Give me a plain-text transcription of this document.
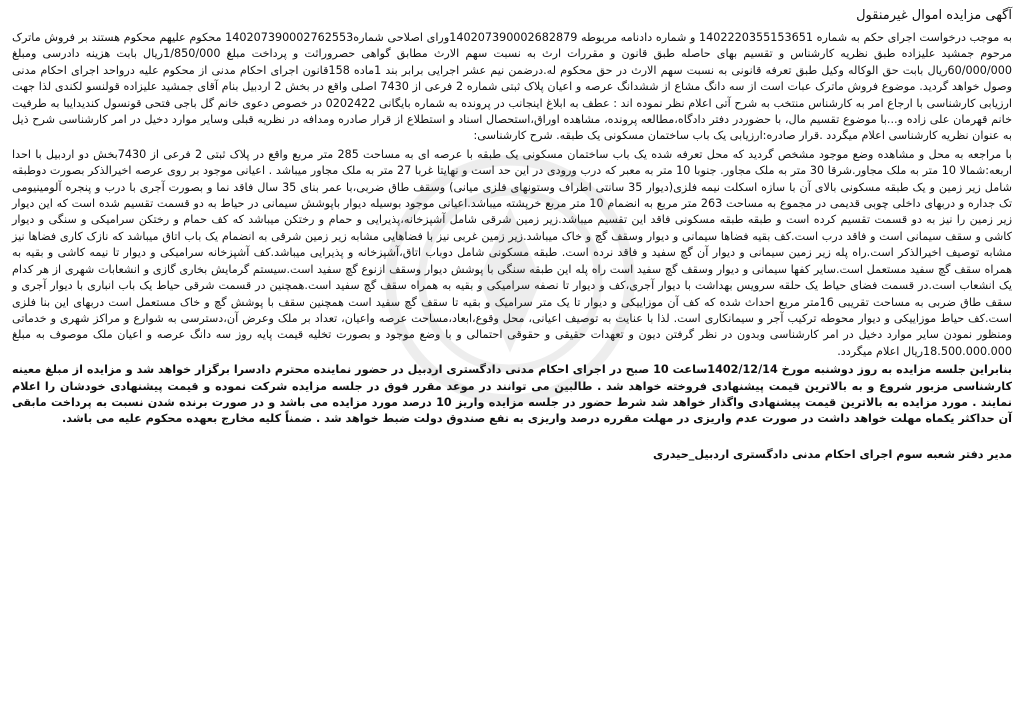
آگهی مزایده اموال غیرمنقول

به موجب درخواست اجرای حکم به شماره 140222035515365‌1 و شماره دادنامه مربوطه 140207390002682879ورای اصلاحی شماره140207390002762553 محکوم علیهم محکوم هستند بر فروش ماترک مرحوم جمشید علیزاده طبق نظریه کارشناس و تقسیم بهای حاصله طبق قانون و مقررات ارث به نسبت سهم الارث مطابق گواهی حصروراثت و پرداخت مبلغ 1/850/000ریال بابت هزینه دادرسی ومبلغ 60/000/000ریال بابت حق الوکاله وکیل طبق تعرفه قانونی به نسبت سهم الارث در حق محکوم له.درضمن نیم عشر اجرایی برابر بند 1ماده 158قانون اجرای احکام مدنی از محکوم علیه درواحد اجرای احکام مدنی وصول خواهد گردید. موضوع فروش ماترک عبات است از سه دانگ مشاع از ششدانگ عرصه و اعیان پلاک ثبتی شماره 2 فرعی از 7430 اصلی واقع در بخش 2 اردبیل بنام آقای جمشید علیزاده قولنسو لکندی لذا جهت ارزیابی کارشناسی با ارجاع امر به کارشناس منتخب به شرح آتی اعلام نظر نموده اند : عطف به ابلاغ اینجانب در پرونده به شماره بایگانی 0202422 در خصوص دعوی خانم گل باجی فتحی قونسول کندیدایبا به طرفیت خانم قهرمان علی زاده و...با موضوع تقسیم مال، با حضوردر دفتر دادگاه،مطالعه پرونده، مشاهده اوراق،استحصال اسناد و استطلاع از قرار صادره ومدافه در نظریه قبلی وسایر موارد دخیل در امر کارشناسی شرح ذیل به عنوان نظریه کارشناسی اعلام میگردد .قرار صادره:ارزیابی یک باب ساختمان مسکونی یک طبقه. شرح کارشناسی:

با مراجعه به محل و مشاهده وضع موجود مشخص گردید که محل تعرفه شده یک باب ساختمان مسکونی یک طبقه با عرصه ای به مساحت 285 متر مربع واقع در پلاک ثبتی 2 فرعی از 7430بخش دو اردبیل با احدا اربعه:شمالا 10 متر به ملک مجاور.شرقا 30 متر به ملک مجاور. جنوبا 10 متر به معبر که درب ورودی در این حد است و نهایتا غربا 27 متر به ملک مجاور میباشد . اعیانی موجود بر روی عرصه اخیرالذکر بصورت دوطبقه شامل زیر زمین و یک طبقه مسکونی بالای آن با سازه اسکلت نیمه فلزی(دیوار 35 سانتی اطراف وستونهای فلزی میانی) وسقف طاق ضربی،با عمر بنای 35 سال فاقد نما و بصورت آجری با درب و پنجره آلومینیومی تک جداره و دربهای داخلی چوبی قدیمی در مجموع به مساحت 263 متر مربع به انضمام 10 متر مربع خرپشته میباشد.اعیانی موجود بوسیله دیوار باپوشش سیمانی در حیاط به دو قسمت تقسیم شده است که این دیوار زیر زمین را نیز به دو قسمت تقسیم کرده است و طبقه طبقه مسکونی فاقد این تقسیم میباشد.زیر زمین شرقی شامل آشپزخانه،پذیرایی و حمام و رختکن میباشد که کف حمام و رختکن سرامیکی و سنگی و دیوار کاشی و سقف سیمانی است و فاقد درب است.کف بقیه فضاها سیمانی و دیوار وسقف گچ و خاک میباشد.زیر زمین غربی نیز با فضاهایی مشابه زیر زمین شرقی به انضمام یک باب اتاق میباشد که نازک کاری فضاها نیز مشابه توصیف اخیرالذکر است.راه پله زیر زمین سیمانی و دیوار آن گچ سفید و فاقد نرده است. طبقه مسکونی شامل دوباب اتاق،آشپزخانه و پذیرایی میباشد.کف آشپزخانه سرامیکی و دیوار تا نیمه کاشی و بقیه به همراه سقف گچ سفید مستعمل است.سایر کفها سیمانی و دیوار وسقف گچ سفید است راه پله این طبقه سنگی با پوشش دیوار وسقف ازنوع گچ سفید است.سیستم گرمایش بخاری گازی و انشعابات شهری از هر کدام یک انشعاب است.در قسمت فضای حیاط یک حلقه سرویس بهداشت با دیوار آجری،کف و دیوار تا نصفه سرامیکی و بقیه به همراه سقف گچ سفید است.همچنین در قسمت شرقی حیاط یک باب انباری با دیوار آجری و سقف طاق ضربی به مساحت تقریبی 16متر مربع احداث شده که کف آن موزاییکی و دیوار تا یک متر سرامیک و بقیه تا سقف گچ سفید است همچنین سقف با پوشش گچ و خاک مستعمل است دربهای این بنا فلزی است.کف حیاط موزاییکی و دیوار محوطه ترکیب آجر و سیمانکاری است. لذا با عنایت به توصیف اعیانی، محل وقوع،ابعاد،مساحت عرصه واعیان، تعداد بر ملک وعرض آن،دسترسی به شوارع و مراکز شهری و خدماتی ومنظور نمودن سایر موارد دخیل در امر کارشناسی وبدون در نظر گرفتن دیون و تعهدات حقیقی و حقوقی احتمالی و با وضع موجود و بصورت تخلیه قیمت پایه روز سه دانگ عرصه و اعیان ملک موصوف به مبلغ 18.500.000.000ریال اعلام میگردد.

بنابراین جلسه مزایده به روز دوشنبه مورخ 1402/12/14ساعت 10 صبح در اجرای احکام مدنی دادگستری اردبیل در حضور نماینده محترم دادسرا برگزار خواهد شد و مزایده از مبلغ معینه کارشناسی مزبور شروع و به بالاترین قیمت پیشنهادی فروخته خواهد شد . طالبین می توانند در موعد مقرر فوق در جلسه مزایده شرکت نموده و قیمت پیشنهادی خودشان را اعلام نمایند . مورد مزایده به بالاترین قیمت پیشنهادی واگذار خواهد شد شرط حضور در جلسه مزایده واریز 10 درصد مورد مزایده می باشد و در صورت برنده شدن نسبت به پرداخت مابقی آن حداکثر یکماه مهلت خواهد داشت در صورت عدم واریزی در مهلت مقرره درصد واریزی به نفع صندوق دولت ضبط خواهد شد . ضمناً کلیه مخارج بعهده محکوم علیه می باشد.

مدیر دفتر شعبه سوم اجرای احکام مدنی دادگستری اردبیل_حیدری
